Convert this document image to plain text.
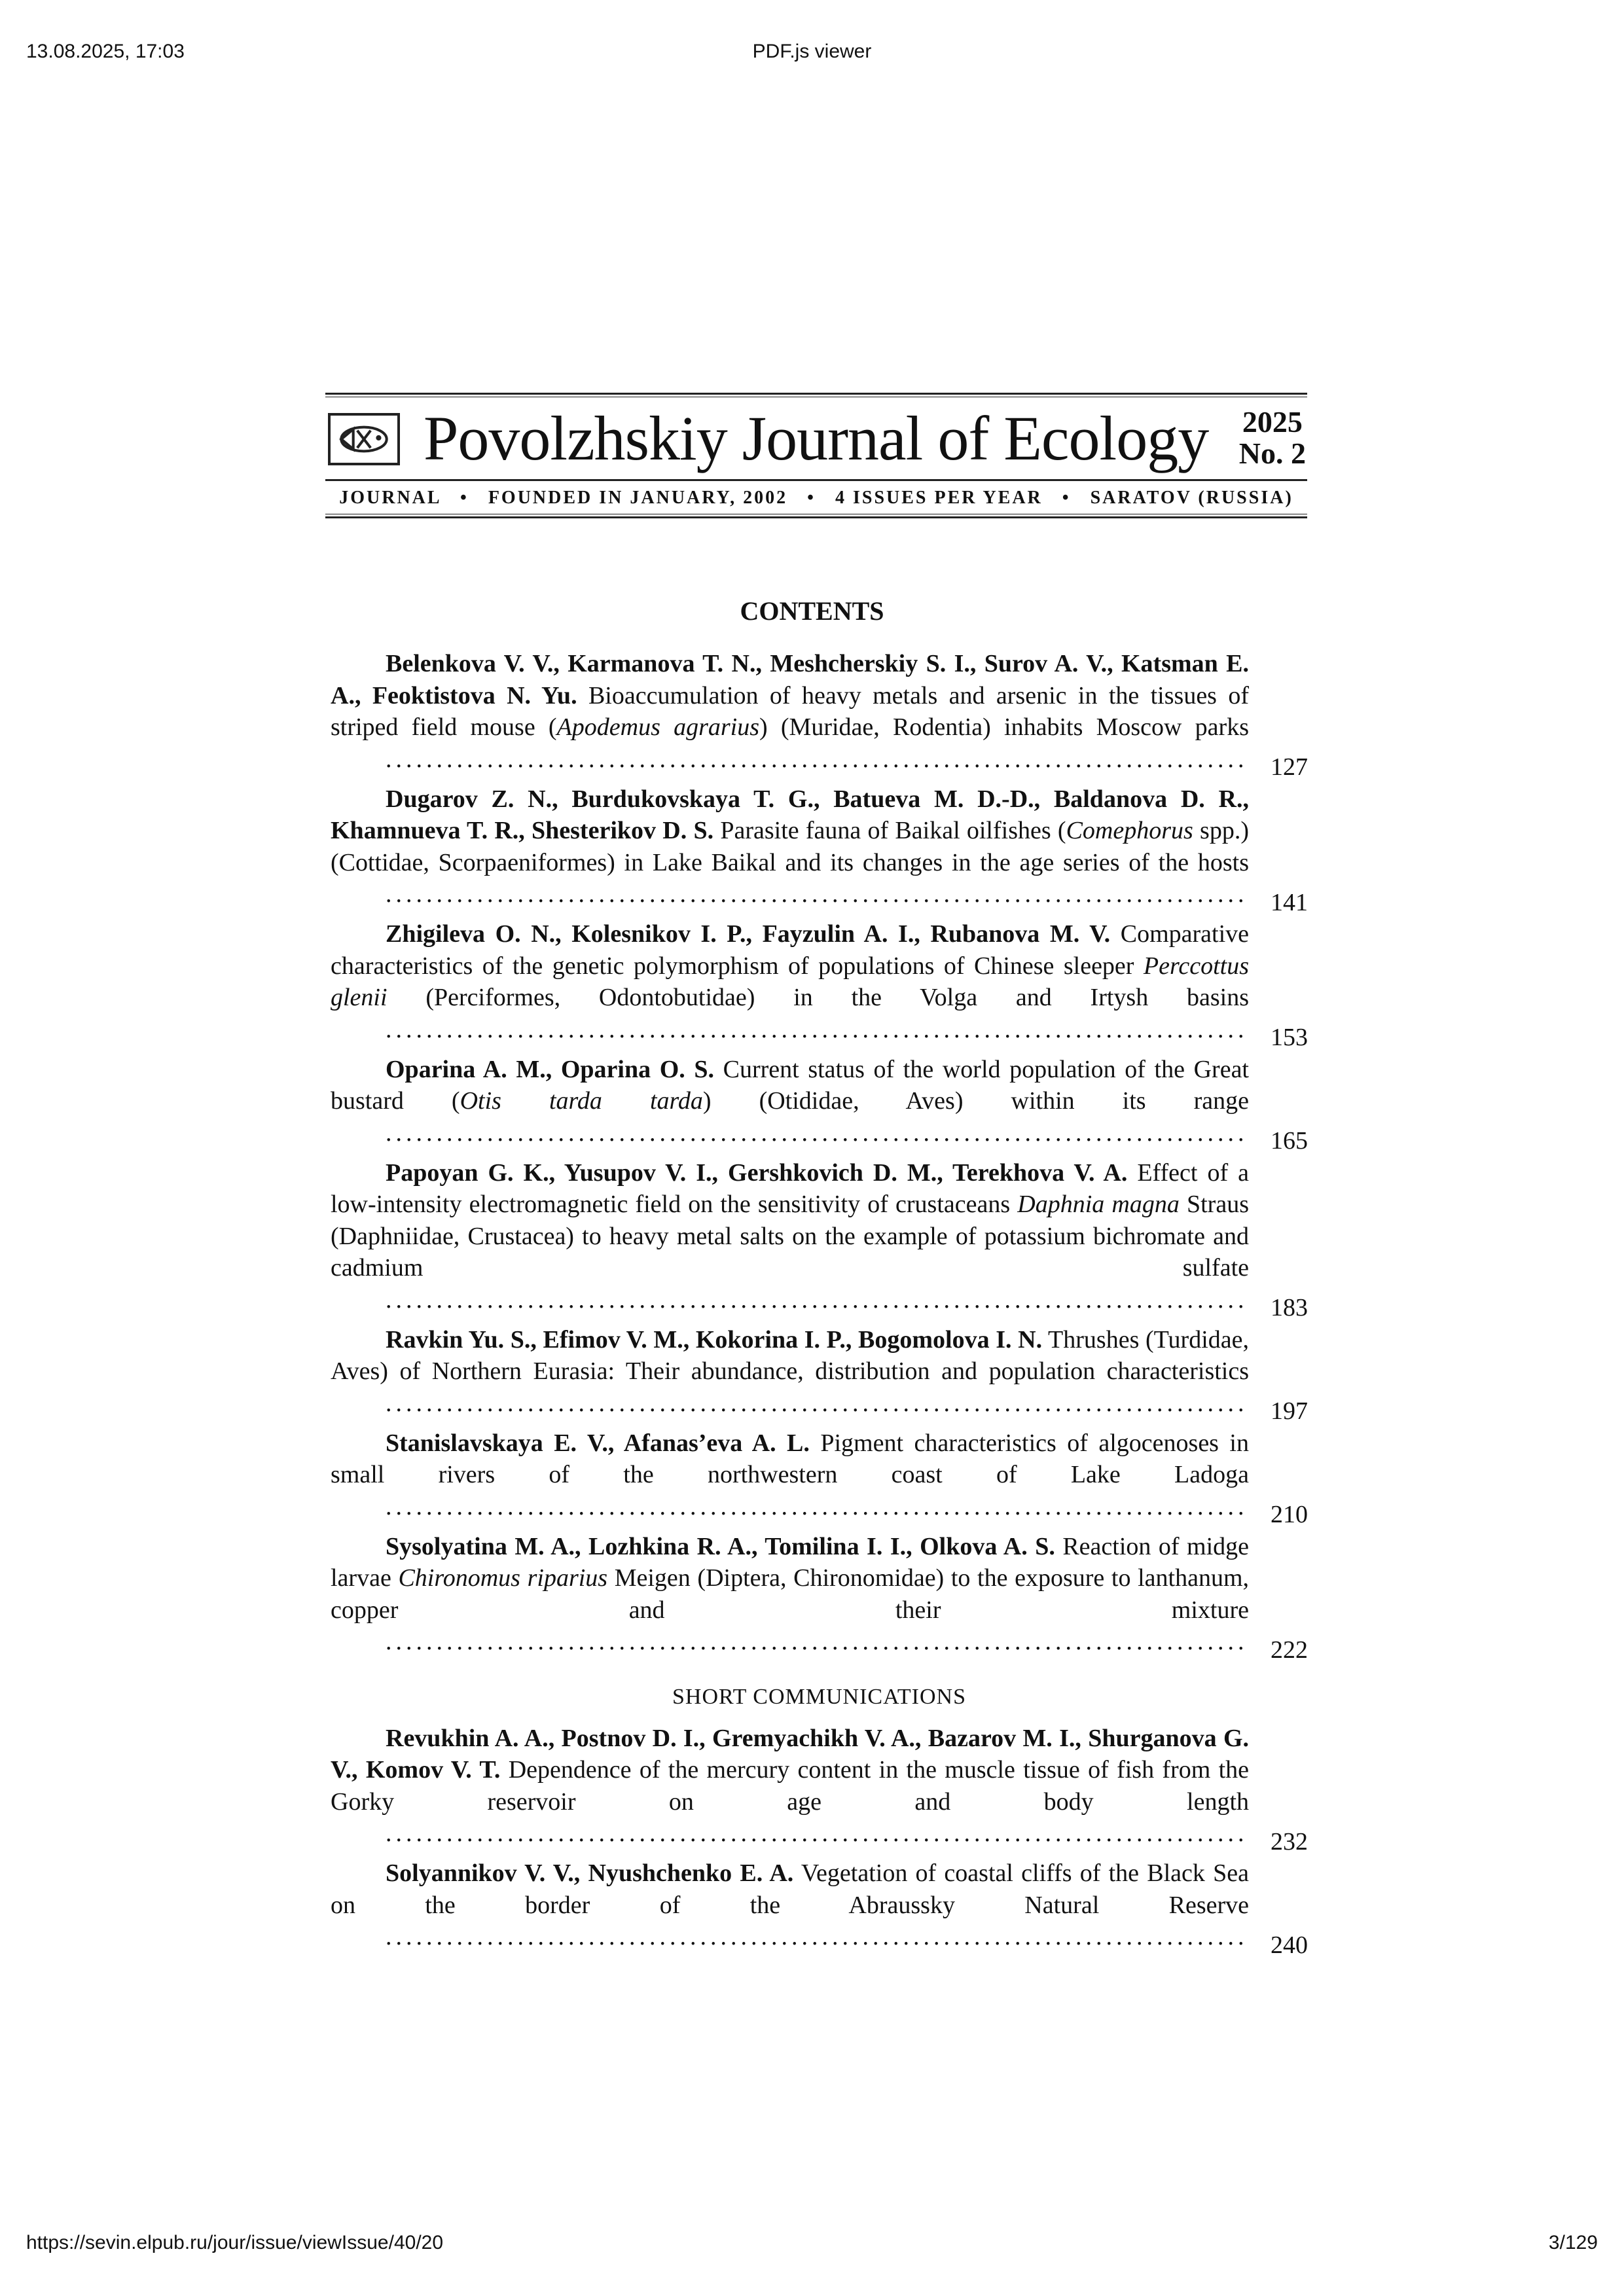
13.08.2025, 17:03	PDF.js viewer
Povolzhskiy Journal of Ecology 2025
No. 2
JOURNAL • FOUNDED IN JANUARY, 2002 • 4 ISSUES PER YEAR • SARATOV (RUSSIA)
CONTENTS
Belenkova V. V., Karmanova T. N., Meshcherskiy S. I., Surov A. V., Katsman E. A., Feoktistova N. Yu. Bioaccumulation of heavy metals and arsenic in the tissues of striped field mouse (Apodemus agrarius) (Muridae, Rodentia) inhabits Moscow parks .....
127
Dugarov Z. N., Burdukovskaya T. G., Batueva M. D.-D., Baldanova D. R., Khamnueva T. R., Shesterikov D. S. Parasite fauna of Baikal oilfishes (Comephorus spp.) (Cottidae, Scorpaeniformes) in Lake Baikal and its changes in the age series of the hosts .....
141
Zhigileva O. N., Kolesnikov I. P., Fayzulin A. I., Rubanova M. V. Comparative characteristics of the genetic polymorphism of populations of Chinese sleeper Perccottus glenii (Perciformes, Odontobutidae) in the Volga and Irtysh basins .....
153
Oparina A. M., Oparina O. S. Current status of the world population of the Great bustard (Otis tarda tarda) (Otididae, Aves) within its range .....
165
Papoyan G. K., Yusupov V. I., Gershkovich D. M., Terekhova V. A. Effect of a low-intensity electromagnetic field on the sensitivity of crustaceans Daphnia magna Straus (Daphniidae, Crustacea) to heavy metal salts on the example of potassium bichromate and cadmium sulfate .....
183
Ravkin Yu. S., Efimov V. M., Kokorina I. P., Bogomolova I. N. Thrushes (Turdidae, Aves) of Northern Eurasia: Their abundance, distribution and population characteristics .....
197
Stanislavskaya E. V., Afanas’eva A. L. Pigment characteristics of algocenoses in small rivers of the northwestern coast of Lake Ladoga .....
210
Sysolyatina M. A., Lozhkina R. A., Tomilina I. I., Olkova A. S. Reaction of midge larvae Chironomus riparius Meigen (Diptera, Chironomidae) to the exposure to lanthanum, copper and their mixture .....
222
SHORT COMMUNICATIONS
Revukhin A. A., Postnov D. I., Gremyachikh V. A., Bazarov M. I., Shurganova G. V., Komov V. T. Dependence of the mercury content in the muscle tissue of fish from the Gorky reservoir on age and body length .....
232
Solyannikov V. V., Nyushchenko E. A. Vegetation of coastal cliffs of the Black Sea on the border of the Abraussky Natural Reserve .....
240
https://sevin.elpub.ru/jour/issue/viewIssue/40/20	3/129
